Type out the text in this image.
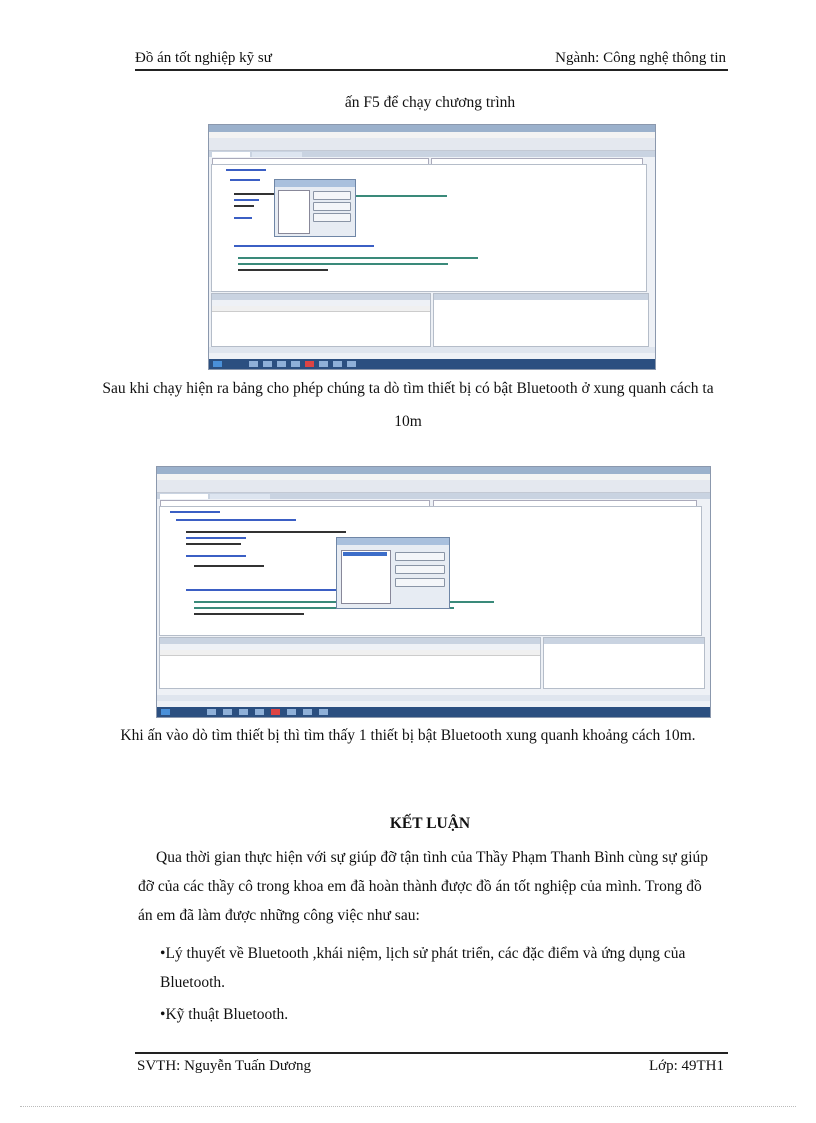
Đồ án tốt nghiệp kỹ sư	Ngành: Công nghệ thông tin
ấn F5 để chạy chương trình
Sau khi chạy hiện ra bảng cho phép chúng ta dò tìm thiết bị có bật Bluetooth ở xung quanh cách ta 10m
Khi ấn vào dò tìm thiết bị thì tìm thấy 1 thiết bị bật Bluetooth xung quanh khoảng cách 10m.
KẾT LUẬN
Qua thời gian thực hiện với sự giúp đỡ tận tình của Thầy Phạm Thanh Bình cùng sự giúp đỡ của các thầy cô trong khoa em đã hoàn thành được đồ án tốt nghiệp của mình. Trong đồ án em đã làm được những công việc như sau:
•Lý thuyết về Bluetooth ,khái niệm, lịch sử phát triển, các đặc điểm và ứng dụng của Bluetooth.
•Kỹ thuật Bluetooth.
SVTH: Nguyễn Tuấn Dương	Lớp: 49TH1
